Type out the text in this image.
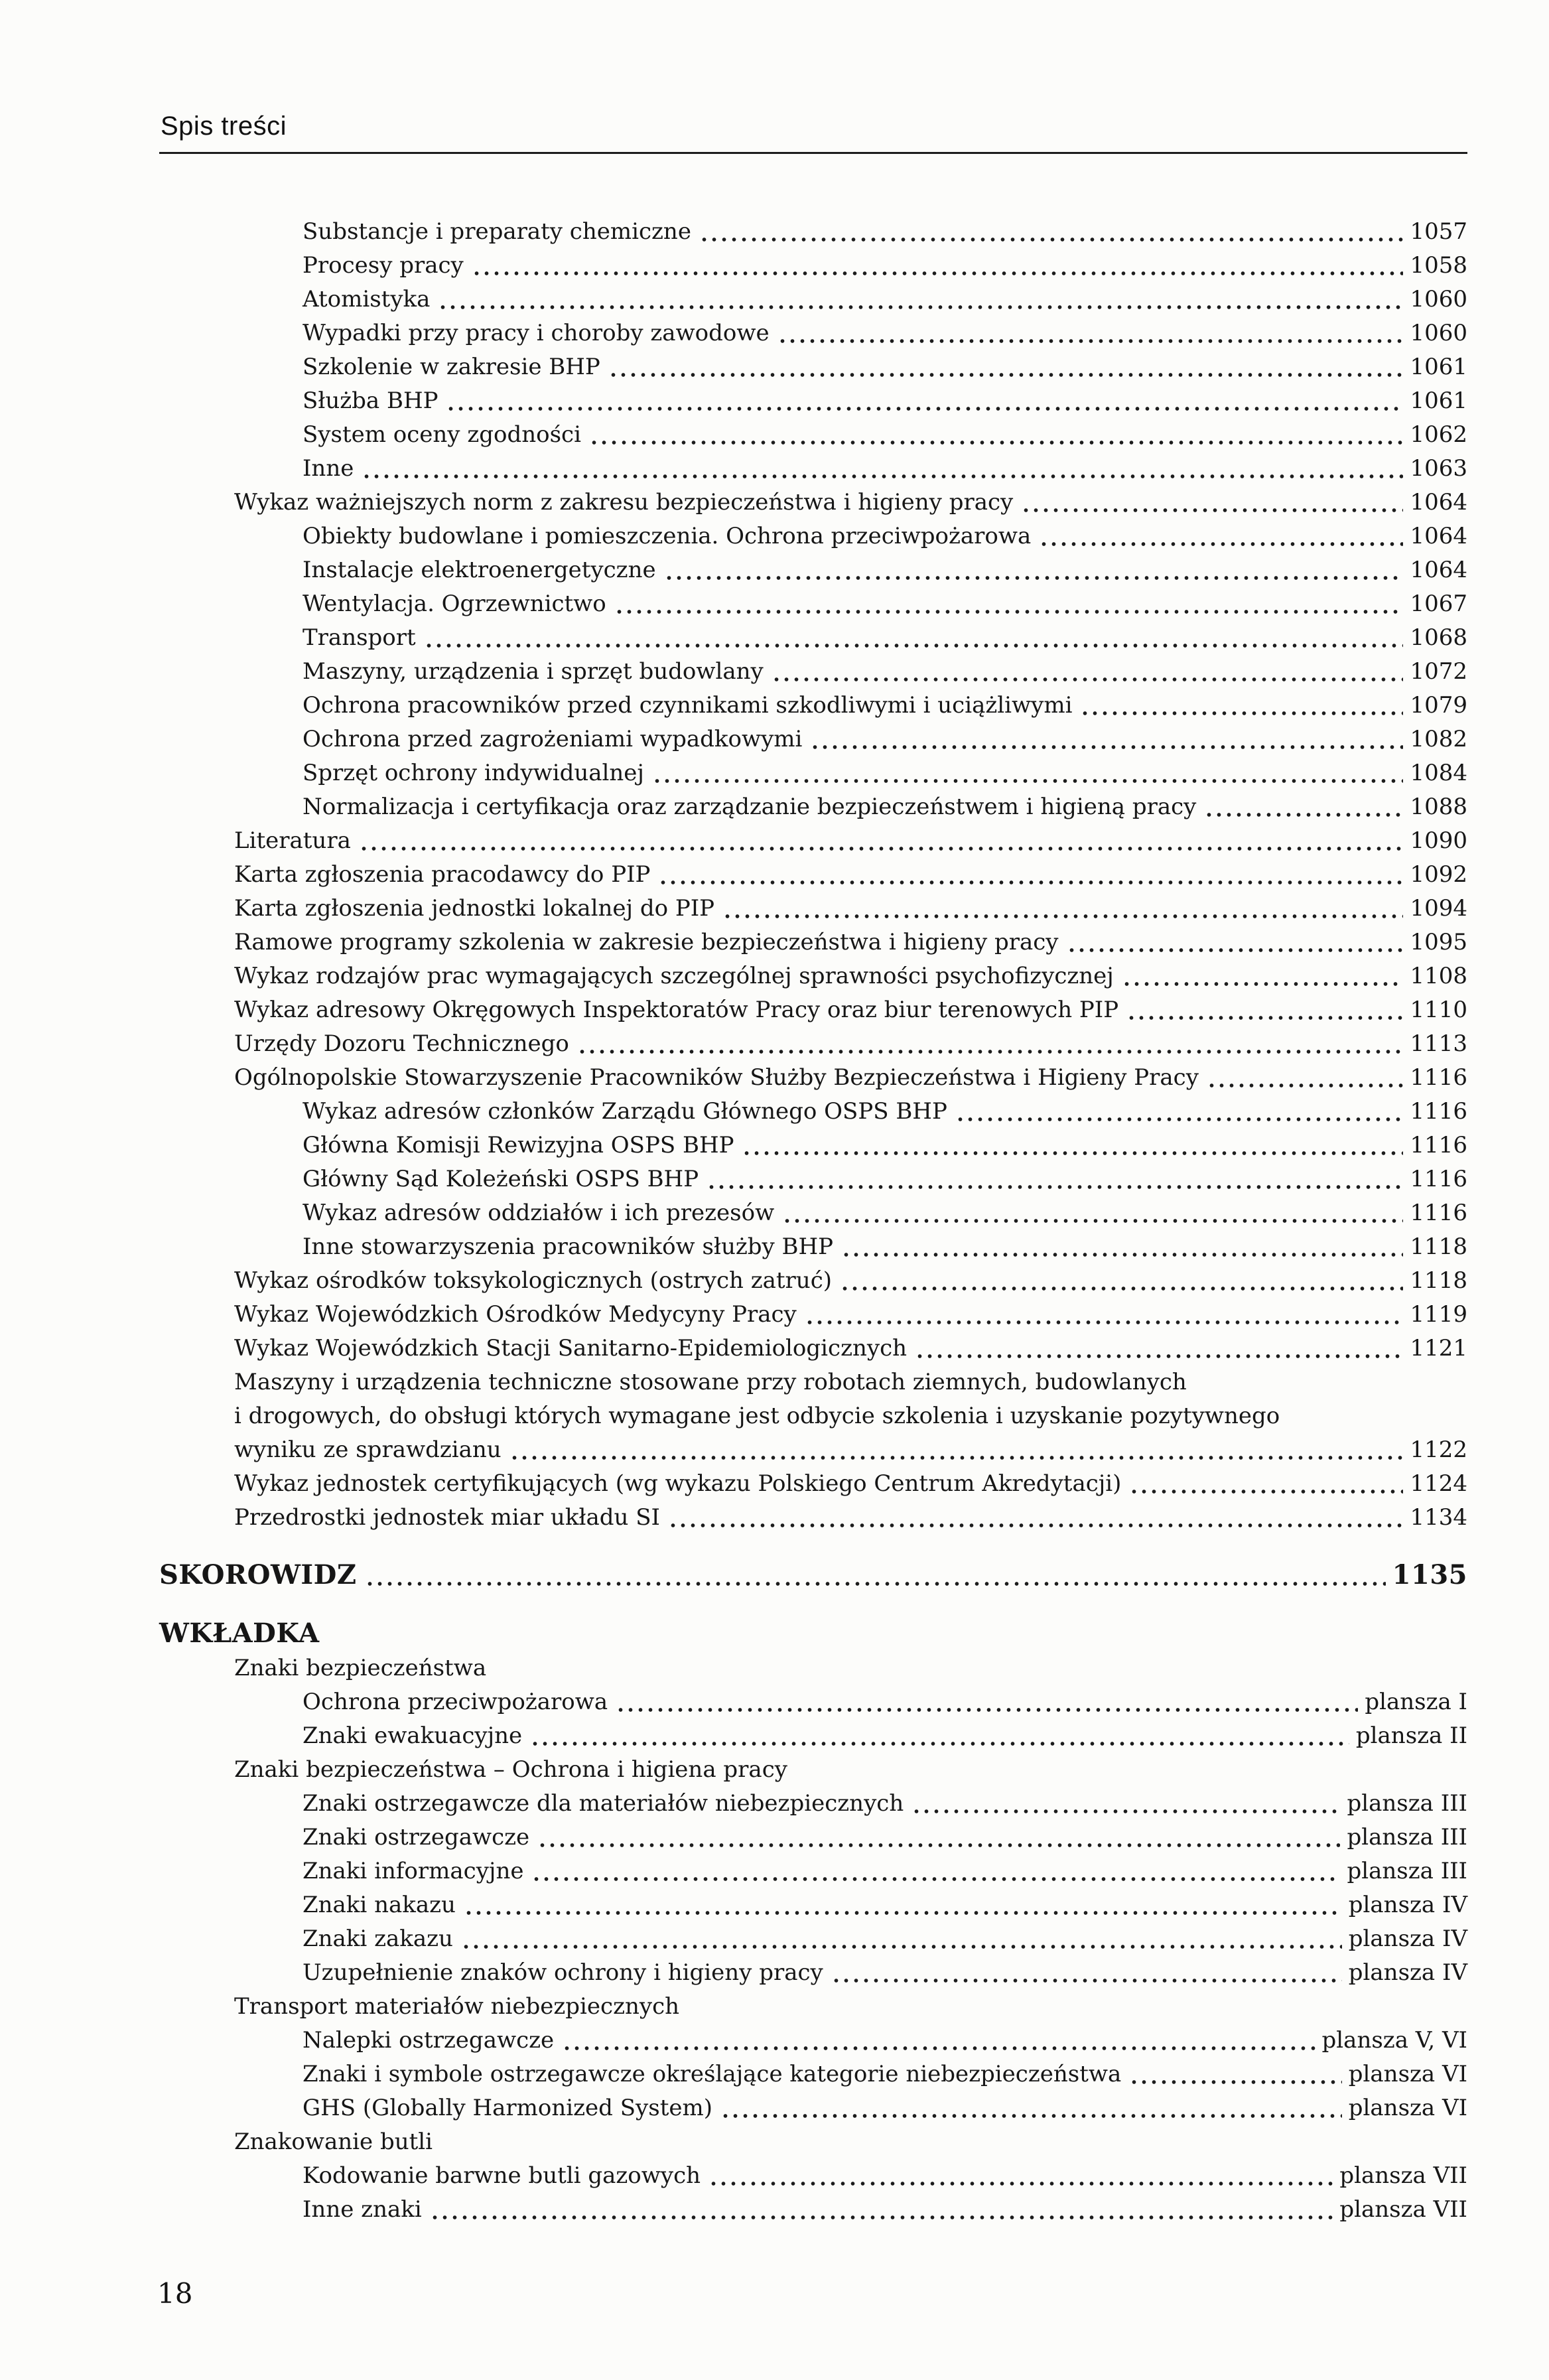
Spis treści
Substancje i preparaty chemiczne	1057
Procesy pracy	1058
Atomistyka	1060
Wypadki przy pracy i choroby zawodowe	1060
Szkolenie w zakresie BHP	1061
Służba BHP	1061
System oceny zgodności	1062
Inne	1063
Wykaz ważniejszych norm z zakresu bezpieczeństwa i higieny pracy	1064
Obiekty budowlane i pomieszczenia. Ochrona przeciwpożarowa	1064
Instalacje elektroenergetyczne	1064
Wentylacja. Ogrzewnictwo	1067
Transport	1068
Maszyny, urządzenia i sprzęt budowlany	1072
Ochrona pracowników przed czynnikami szkodliwymi i uciążliwymi	1079
Ochrona przed zagrożeniami wypadkowymi	1082
Sprzęt ochrony indywidualnej	1084
Normalizacja i certyfikacja oraz zarządzanie bezpieczeństwem i higieną pracy	1088
Literatura	1090
Karta zgłoszenia pracodawcy do PIP	1092
Karta zgłoszenia jednostki lokalnej do PIP	1094
Ramowe programy szkolenia w zakresie bezpieczeństwa i higieny pracy	1095
Wykaz rodzajów prac wymagających szczególnej sprawności psychofizycznej	1108
Wykaz adresowy Okręgowych Inspektoratów Pracy oraz biur terenowych PIP	1110
Urzędy Dozoru Technicznego	1113
Ogólnopolskie Stowarzyszenie Pracowników Służby Bezpieczeństwa i Higieny Pracy	1116
Wykaz adresów członków Zarządu Głównego OSPS BHP	1116
Główna Komisji Rewizyjna OSPS BHP	1116
Główny Sąd Koleżeński OSPS BHP	1116
Wykaz adresów oddziałów i ich prezesów	1116
Inne stowarzyszenia pracowników służby BHP	1118
Wykaz ośrodków toksykologicznych (ostrych zatruć)	1118
Wykaz Wojewódzkich Ośrodków Medycyny Pracy	1119
Wykaz Wojewódzkich Stacji Sanitarno-Epidemiologicznych	1121
Maszyny i urządzenia techniczne stosowane przy robotach ziemnych, budowlanych
i drogowych, do obsługi których wymagane jest odbycie szkolenia i uzyskanie pozytywnego
wyniku ze sprawdzianu	1122
Wykaz jednostek certyfikujących (wg wykazu Polskiego Centrum Akredytacji)	1124
Przedrostki jednostek miar układu SI	1134
SKOROWIDZ	1135
WKŁADKA
Znaki bezpieczeństwa
Ochrona przeciwpożarowa	plansza I
Znaki ewakuacyjne	plansza II
Znaki bezpieczeństwa – Ochrona i higiena pracy
Znaki ostrzegawcze dla materiałów niebezpiecznych	plansza III
Znaki ostrzegawcze	plansza III
Znaki informacyjne	plansza III
Znaki nakazu	plansza IV
Znaki zakazu	plansza IV
Uzupełnienie znaków ochrony i higieny pracy	plansza IV
Transport materiałów niebezpiecznych
Nalepki ostrzegawcze	plansza V, VI
Znaki i symbole ostrzegawcze określające kategorie niebezpieczeństwa	plansza VI
GHS (Globally Harmonized System)	plansza VI
Znakowanie butli
Kodowanie barwne butli gazowych	plansza VII
Inne znaki	plansza VII
18
